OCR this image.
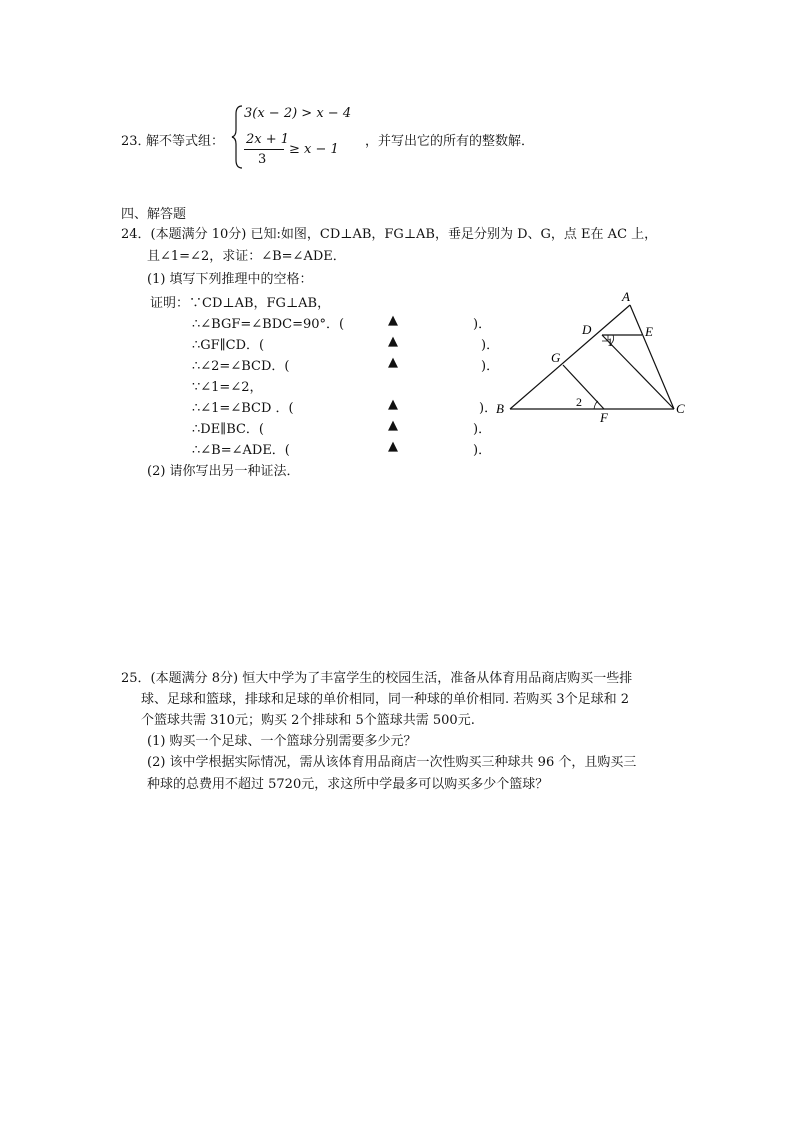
23．
解不等式组：
3(x − 2) > x − 4
2x + 1
3
≥ x − 1
，并写出它的所有的整数解．
四、解答题
24．(本题满分 10分) 已知:如图，CD⊥AB，FG⊥AB，垂足分别为 D、G，点 E在 AC 上，
且∠1=∠2，求证：∠B=∠ADE．
(1) 填写下列推理中的空格：
证明：∵CD⊥AB，FG⊥AB，
∴∠BGF=∠BDC=90°．(	▲	)．
∴GF∥CD．(	▲	)．
∴∠2=∠BCD．(	▲	)．
∵∠1=∠2，
∴∠1=∠BCD ．(	▲	)．
∴DE∥BC．(	▲	)．
∴∠B=∠ADE．(	▲	)．
(2) 请你写出另一种证法．
A
B	C
D	E
F
G
1
2
25．(本题满分 8分) 恒大中学为了丰富学生的校园生活，准备从体育用品商店购买一些排
球、足球和篮球，排球和足球的单价相同，同一种球的单价相同. 若购买 3个足球和 2
个篮球共需 310元；购买 2个排球和 5个篮球共需 500元.
(1) 购买一个足球、一个篮球分别需要多少元？
(2) 该中学根据实际情况，需从该体育用品商店一次性购买三种球共 96 个，且购买三
种球的总费用不超过 5720元，求这所中学最多可以购买多少个篮球？
